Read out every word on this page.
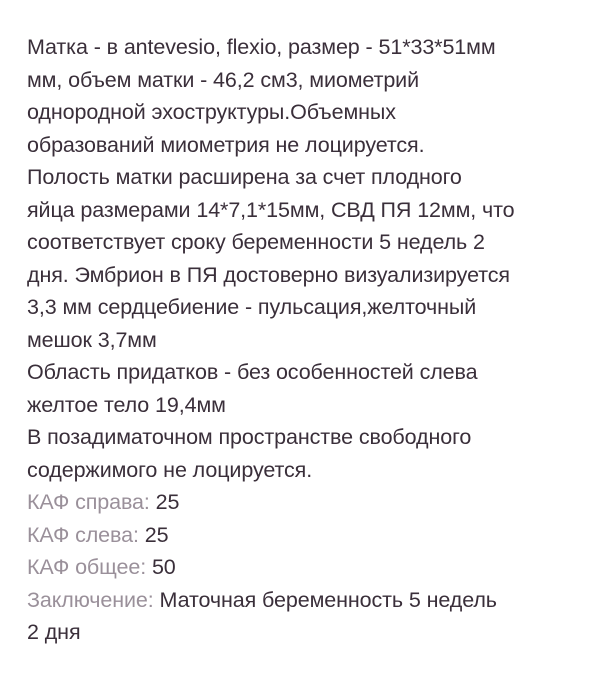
Матка - в antevesio, flexio, размер - 51*33*51мм
мм, объем матки - 46,2 см3, миометрий
однородной эхоструктуры.Объемных
образований миометрия не лоцируется.
Полость матки расширена за счет плодного
яйца размерами 14*7,1*15мм, СВД ПЯ 12мм, что
соответствует сроку беременности 5 недель 2
дня. Эмбрион в ПЯ достоверно визуализируется
3,3 мм сердцебиение - пульсация,желточный
мешок 3,7мм
Область придатков - без особенностей слева
желтое тело 19,4мм
В позадиматочном пространстве свободного
содержимого не лоцируется.
КАФ справа: 25
КАФ слева: 25
КАФ общее: 50
Заключение: Маточная беременность 5 недель
2 дня
